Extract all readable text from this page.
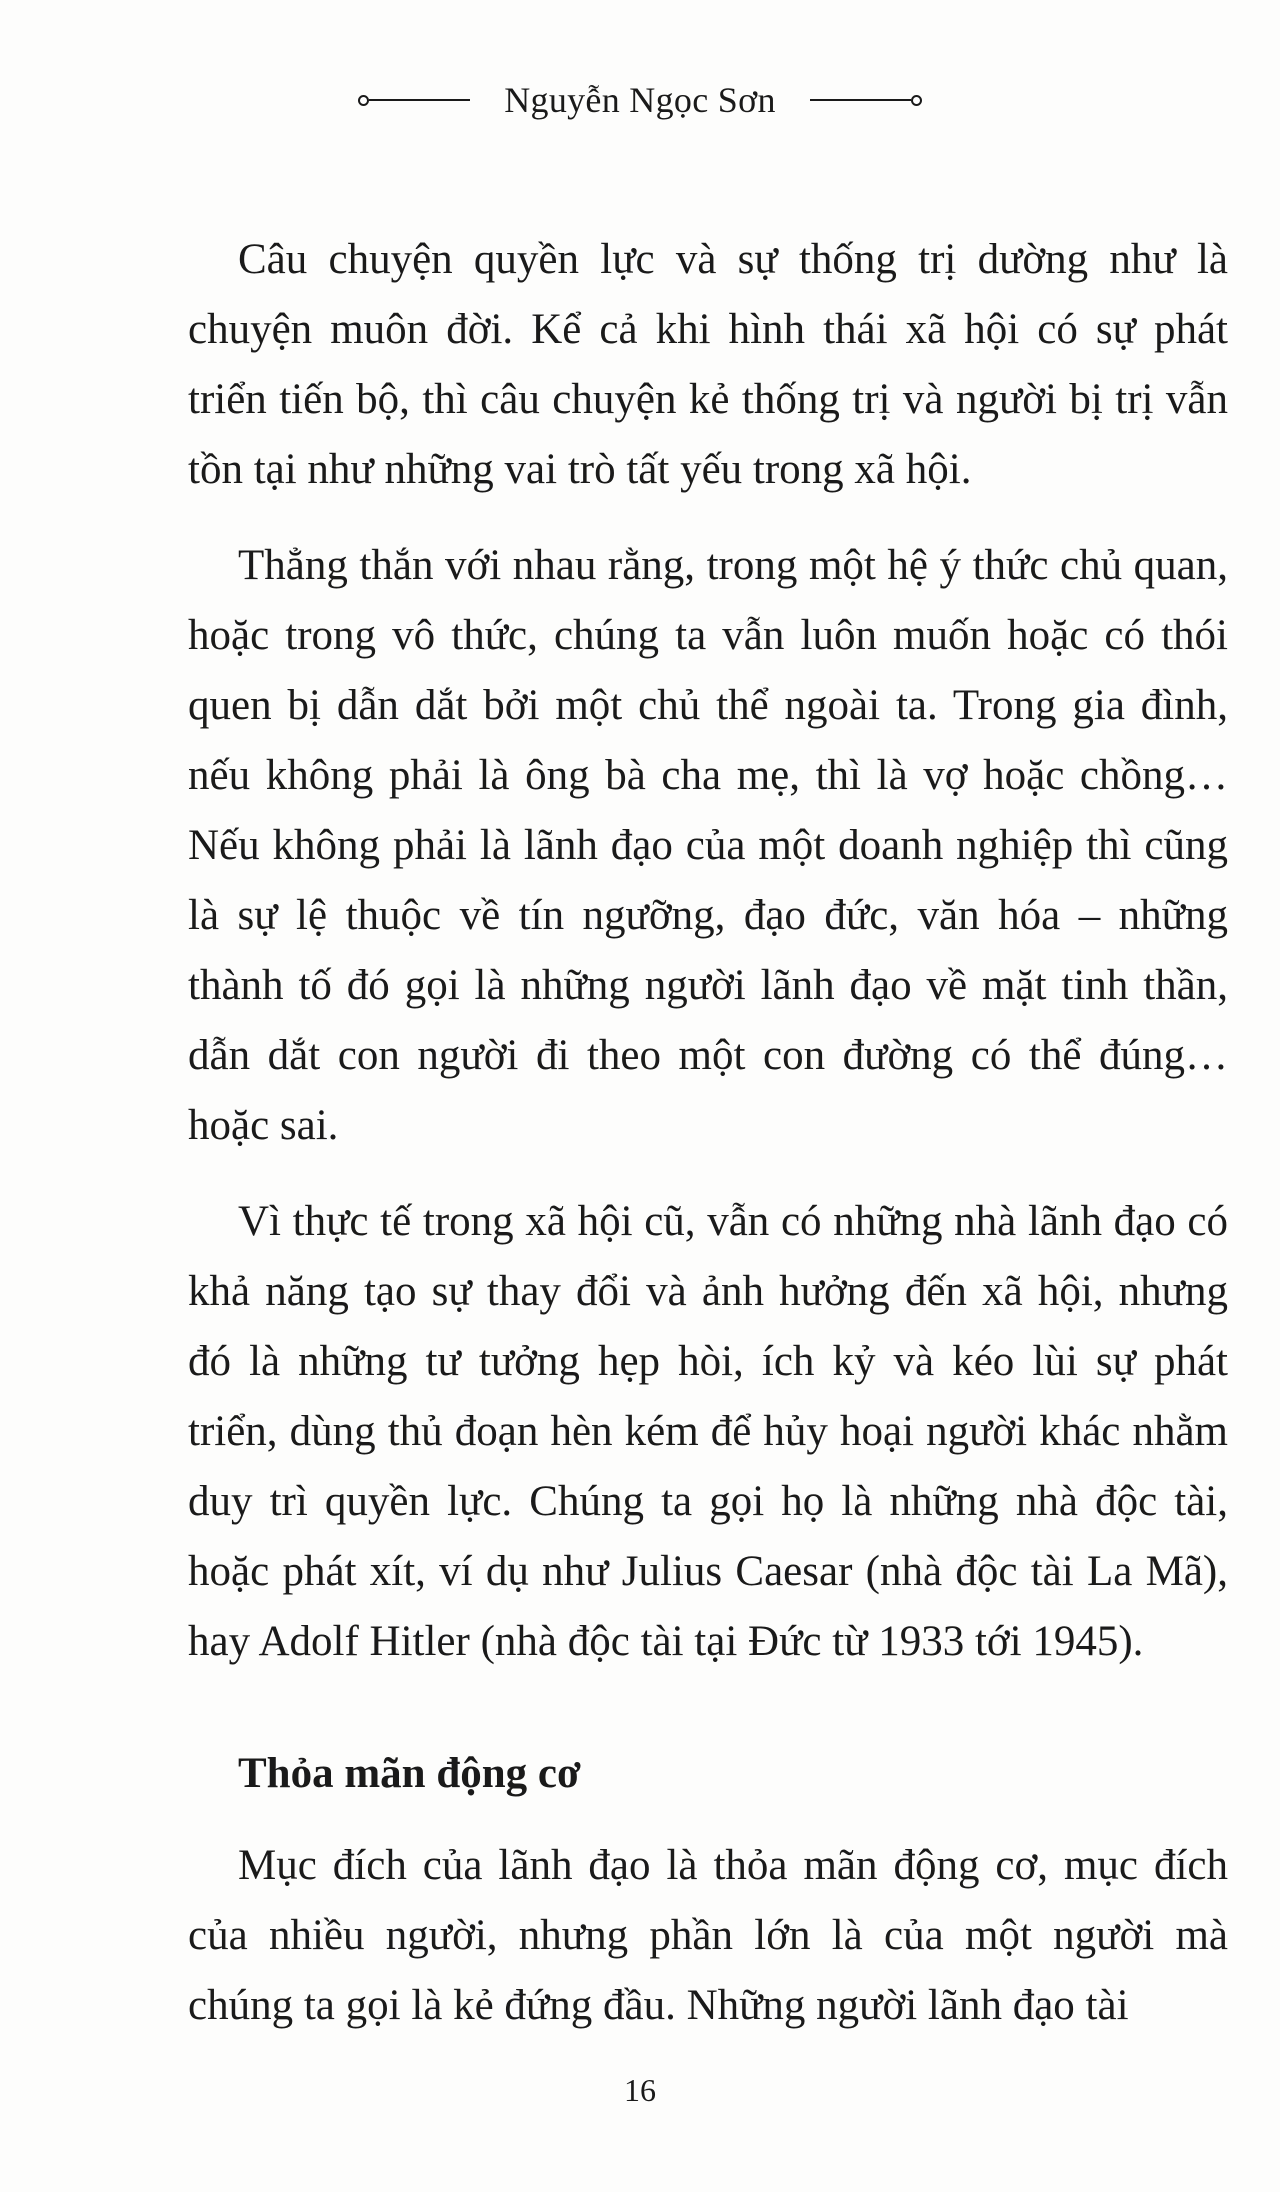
Nguyễn Ngọc Sơn

Câu chuyện quyền lực và sự thống trị dường như là chuyện muôn đời. Kể cả khi hình thái xã hội có sự phát triển tiến bộ, thì câu chuyện kẻ thống trị và người bị trị vẫn tồn tại như những vai trò tất yếu trong xã hội.

Thẳng thắn với nhau rằng, trong một hệ ý thức chủ quan, hoặc trong vô thức, chúng ta vẫn luôn muốn hoặc có thói quen bị dẫn dắt bởi một chủ thể ngoài ta. Trong gia đình, nếu không phải là ông bà cha mẹ, thì là vợ hoặc chồng… Nếu không phải là lãnh đạo của một doanh nghiệp thì cũng là sự lệ thuộc về tín ngưỡng, đạo đức, văn hóa – những thành tố đó gọi là những người lãnh đạo về mặt tinh thần, dẫn dắt con người đi theo một con đường có thể đúng… hoặc sai.

Vì thực tế trong xã hội cũ, vẫn có những nhà lãnh đạo có khả năng tạo sự thay đổi và ảnh hưởng đến xã hội, nhưng đó là những tư tưởng hẹp hòi, ích kỷ và kéo lùi sự phát triển, dùng thủ đoạn hèn kém để hủy hoại người khác nhằm duy trì quyền lực. Chúng ta gọi họ là những nhà độc tài, hoặc phát xít, ví dụ như Julius Caesar (nhà độc tài La Mã), hay Adolf Hitler (nhà độc tài tại Đức từ 1933 tới 1945).

Thỏa mãn động cơ

Mục đích của lãnh đạo là thỏa mãn động cơ, mục đích của nhiều người, nhưng phần lớn là của một người mà chúng ta gọi là kẻ đứng đầu. Những người lãnh đạo tài

16
